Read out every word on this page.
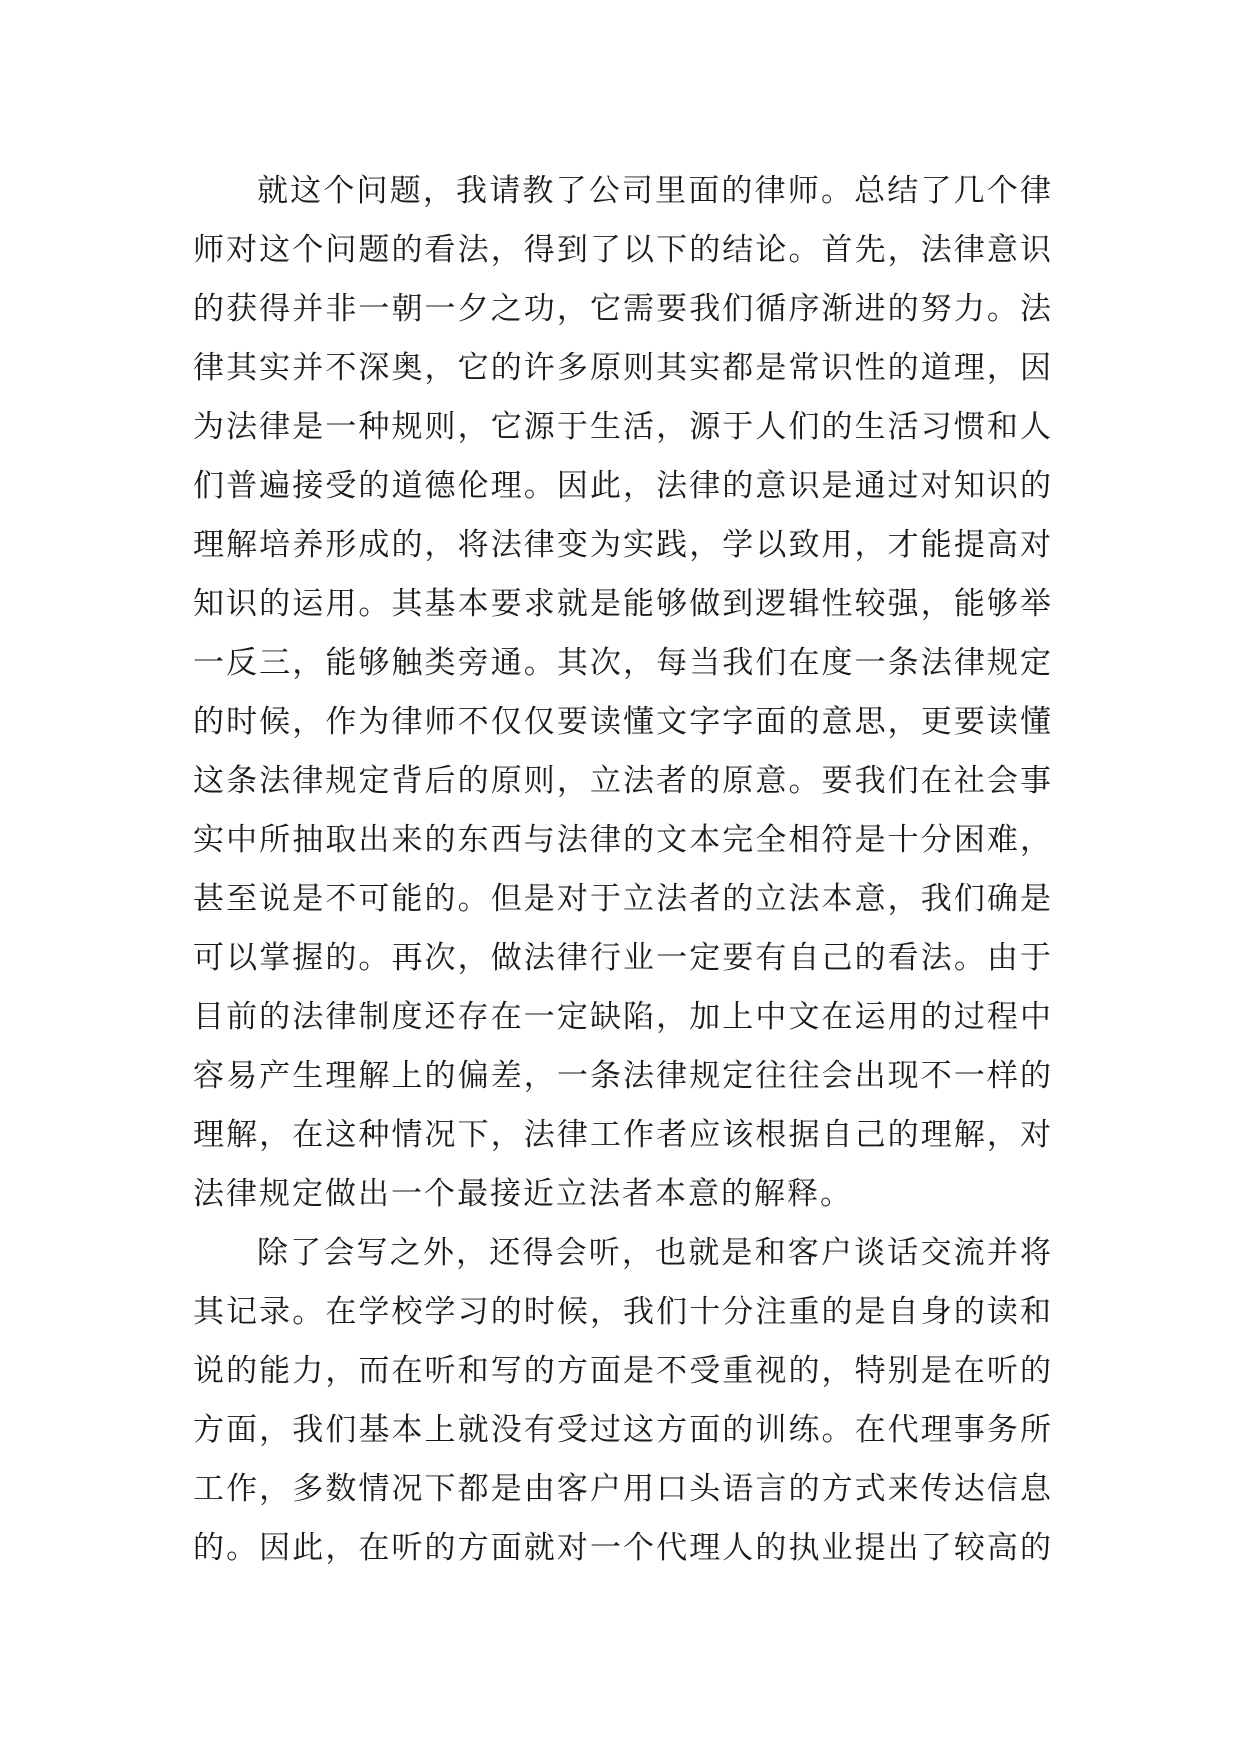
就这个问题，我请教了公司里面的律师。总结了几个律
师对这个问题的看法，得到了以下的结论。首先，法律意识
的获得并非一朝一夕之功，它需要我们循序渐进的努力。法
律其实并不深奥，它的许多原则其实都是常识性的道理，因
为法律是一种规则，它源于生活，源于人们的生活习惯和人
们普遍接受的道德伦理。因此，法律的意识是通过对知识的
理解培养形成的，将法律变为实践，学以致用，才能提高对
知识的运用。其基本要求就是能够做到逻辑性较强，能够举
一反三，能够触类旁通。其次，每当我们在度一条法律规定
的时候，作为律师不仅仅要读懂文字字面的意思，更要读懂
这条法律规定背后的原则，立法者的原意。要我们在社会事
实中所抽取出来的东西与法律的文本完全相符是十分困难，
甚至说是不可能的。但是对于立法者的立法本意，我们确是
可以掌握的。再次，做法律行业一定要有自己的看法。由于
目前的法律制度还存在一定缺陷，加上中文在运用的过程中
容易产生理解上的偏差，一条法律规定往往会出现不一样的
理解，在这种情况下，法律工作者应该根据自己的理解，对
法律规定做出一个最接近立法者本意的解释。
除了会写之外，还得会听，也就是和客户谈话交流并将
其记录。在学校学习的时候，我们十分注重的是自身的读和
说的能力，而在听和写的方面是不受重视的，特别是在听的
方面，我们基本上就没有受过这方面的训练。在代理事务所
工作，多数情况下都是由客户用口头语言的方式来传达信息
的。因此，在听的方面就对一个代理人的执业提出了较高的
